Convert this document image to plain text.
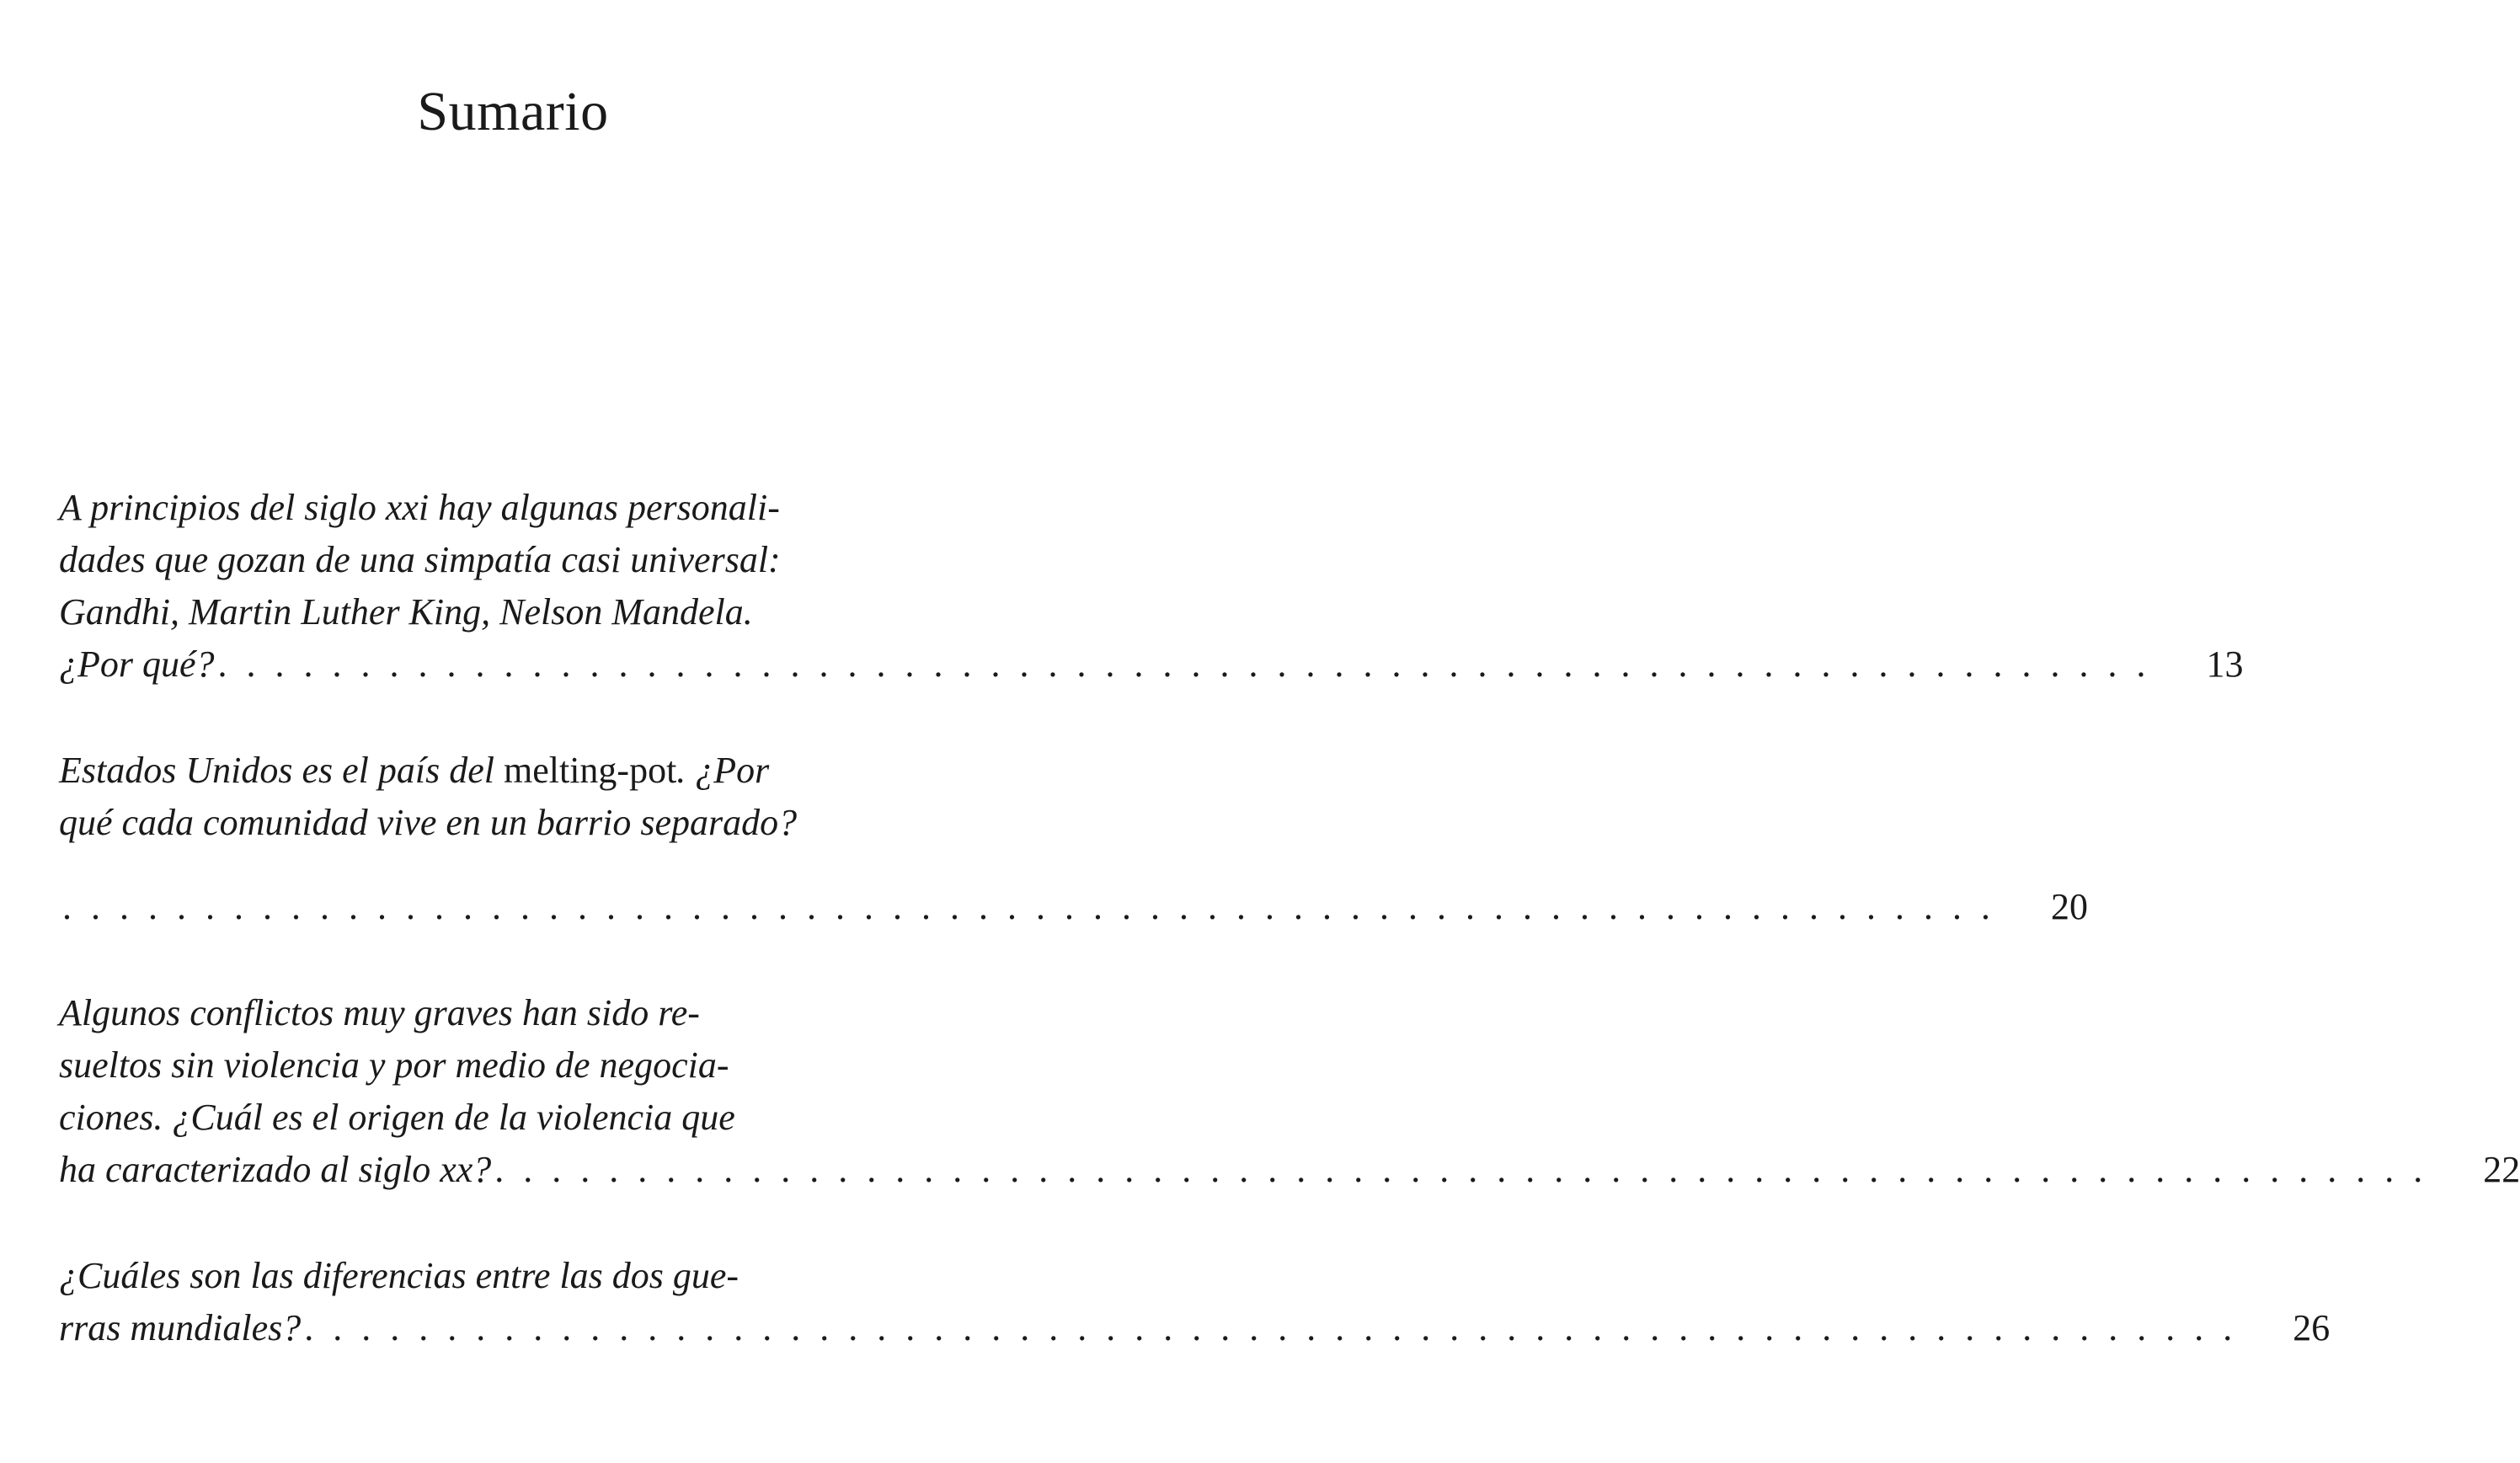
Sumario
A principios del siglo xxi hay algunas personali-
dades que gozan de una simpatía casi universal:
Gandhi, Martin Luther King, Nelson Mandela.
¿Por qué? . . . . . . . . . . . . . . . . . . . . . . . . . . . . . . . . . . . . . . . . . . . . . . . . . . . . . . . . . . . . . . . . . . . .	13
Estados Unidos es el país del melting-pot. ¿Por
qué cada comunidad vive en un barrio separado?
. . . . . . . . . . . . . . . . . . . . . . . . . . . . . . . . . . . . . . . . . . . . . . . . . . . . . . . . . . . . . . . . . . . .	20
Algunos conflictos muy graves han sido re-
sueltos sin violencia y por medio de negocia-
ciones. ¿Cuál es el origen de la violencia que
ha caracterizado al siglo xx? . . . . . . . . . . . . . . . . . . . . . . . . . . . . . . . . . . . . . . . . . . . . . . . . . . . . . . . . . . . . . . . . . . . .	22
¿Cuáles son las diferencias entre las dos gue-
rras mundiales? . . . . . . . . . . . . . . . . . . . . . . . . . . . . . . . . . . . . . . . . . . . . . . . . . . . . . . . . . . . . . . . . . . . .	26
